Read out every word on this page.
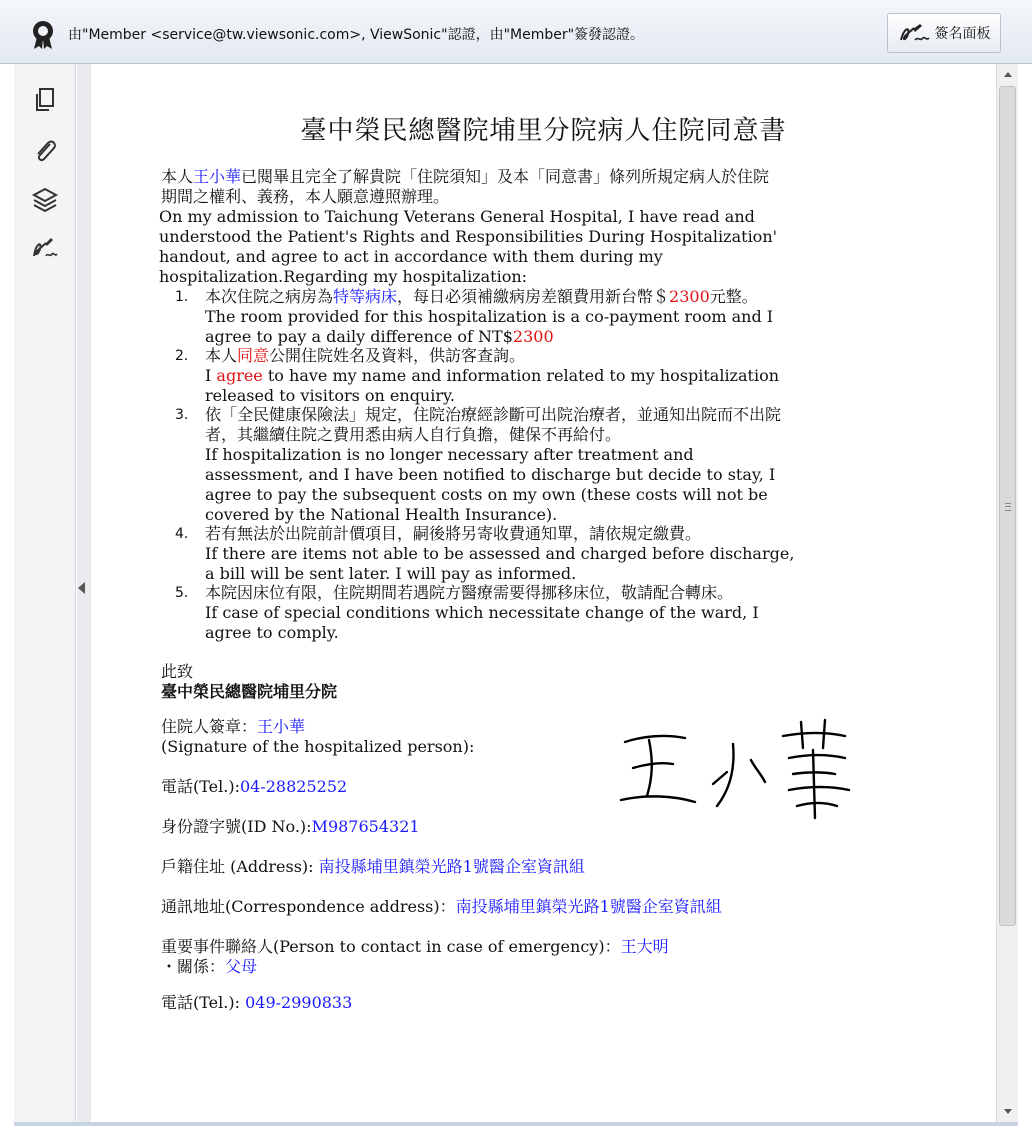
由"Member <service@tw.viewsonic.com>, ViewSonic"認證，由"Member"簽發認證。	簽名面板
臺中榮民總醫院埔里分院病人住院同意書
本人王小華已閱畢且完全了解貴院「住院須知」及本「同意書」條列所規定病人於住院
期間之權利、義務，本人願意遵照辦理。
On my admission to Taichung Veterans General Hospital, I have read and
understood the Patient's Rights and Responsibilities During Hospitalization'
handout, and agree to act in accordance with them during my
hospitalization.Regarding my hospitalization:
1. 本次住院之病房為特等病床，每日必須補繳病房差額費用新台幣＄2300元整。
The room provided for this hospitalization is a co-payment room and I
agree to pay a daily difference of NT$2300
2. 本人同意公開住院姓名及資料，供訪客查詢。
I agree to have my name and information related to my hospitalization
released to visitors on enquiry.
3. 依「全民健康保險法」規定，住院治療經診斷可出院治療者，並通知出院而不出院
者，其繼續住院之費用悉由病人自行負擔，健保不再給付。
If hospitalization is no longer necessary after treatment and
assessment, and I have been notified to discharge but decide to stay, I
agree to pay the subsequent costs on my own (these costs will not be
covered by the National Health Insurance).
4. 若有無法於出院前計價項目，嗣後將另寄收費通知單，請依規定繳費。
If there are items not able to be assessed and charged before discharge,
a bill will be sent later. I will pay as informed.
5. 本院因床位有限，住院期間若遇院方醫療需要得挪移床位，敬請配合轉床。
If case of special conditions which necessitate change of the ward, I
agree to comply.
此致
臺中榮民總醫院埔里分院
住院人簽章：王小華
(Signature of the hospitalized person):
電話(Tel.):04-28825252
身份證字號(ID No.):M987654321
戶籍住址 (Address): 南投縣埔里鎮榮光路1號醫企室資訊組
通訊地址(Correspondence address)：南投縣埔里鎮榮光路1號醫企室資訊組
重要事件聯絡人(Person to contact in case of emergency)：王大明
・關係：父母
電話(Tel.): 049-2990833
